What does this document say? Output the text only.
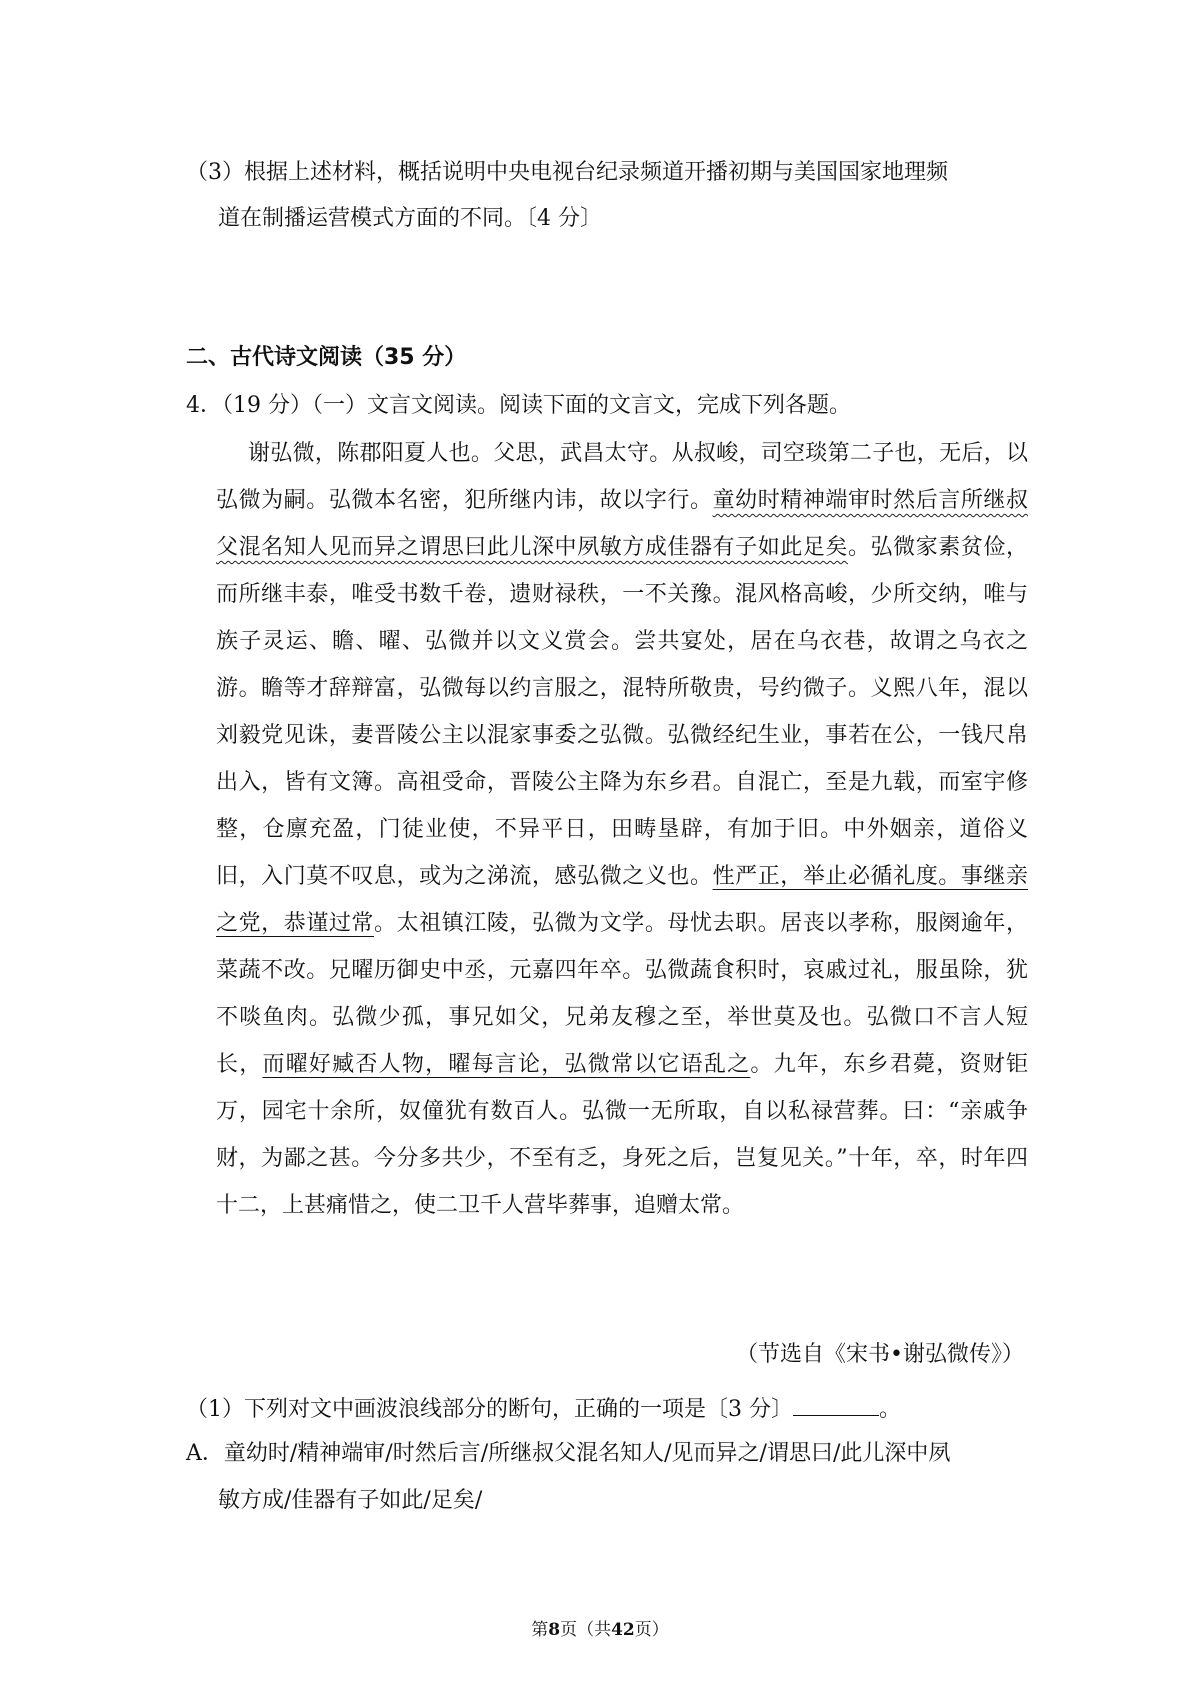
（3）根据上述材料，概括说明中央电视台纪录频道开播初期与美国国家地理频
道在制播运营模式方面的不同。〔4 分〕
二、古代诗文阅读（35 分）
4．（19 分）（一）文言文阅读。阅读下面的文言文，完成下列各题。

谢弘微，陈郡阳夏人也。父思，武昌太守。从叔峻，司空琰第二子也，无后，以弘微为嗣。弘微本名密，犯所继内讳，故以字行。童幼时精神端审时然后言所继叔父混名知人见而异之谓思曰此儿深中夙敏方成佳器有子如此足矣。弘微家素贫俭，而所继丰泰，唯受书数千卷，遗财禄秩，一不关豫。混风格高峻，少所交纳，唯与族子灵运、瞻、曜、弘微并以文义赏会。尝共宴处，居在乌衣巷，故谓之乌衣之游。瞻等才辞辩富，弘微每以约言服之，混特所敬贵，号约微子。义熙八年，混以刘毅党见诛，妻晋陵公主以混家事委之弘微。弘微经纪生业，事若在公，一钱尺帛出入，皆有文簿。高祖受命，晋陵公主降为东乡君。自混亡，至是九载，而室宇修整，仓廪充盈，门徒业使，不异平日，田畴垦辟，有加于旧。中外姻亲，道俗义旧，入门莫不叹息，或为之涕流，感弘微之义也。性严正，举止必循礼度。事继亲之党，恭谨过常。太祖镇江陵，弘微为文学。母忧去职。居丧以孝称，服阕逾年，菜蔬不改。兄曜历御史中丞，元嘉四年卒。弘微蔬食积时，哀戚过礼，服虽除，犹不啖鱼肉。弘微少孤，事兄如父，兄弟友穆之至，举世莫及也。弘微口不言人短长，而曜好臧否人物，曜每言论，弘微常以它语乱之。九年，东乡君薨，资财钜万，园宅十余所，奴僮犹有数百人。弘微一无所取，自以私禄营葬。曰：“亲戚争财，为鄙之甚。今分多共少，不至有乏，身死之后，岂复见关。”十年，卒，时年四十二，上甚痛惜之，使二卫千人营毕葬事，追赠太常。

（节选自《宋书•谢弘微传》）
（1）下列对文中画波浪线部分的断句，正确的一项是〔3 分〕	。
A．童幼时/精神端审/时然后言/所继叔父混名知人/见而异之/谓思曰/此儿深中夙
敏方成/佳器有子如此/足矣/
第8页（共42页）
